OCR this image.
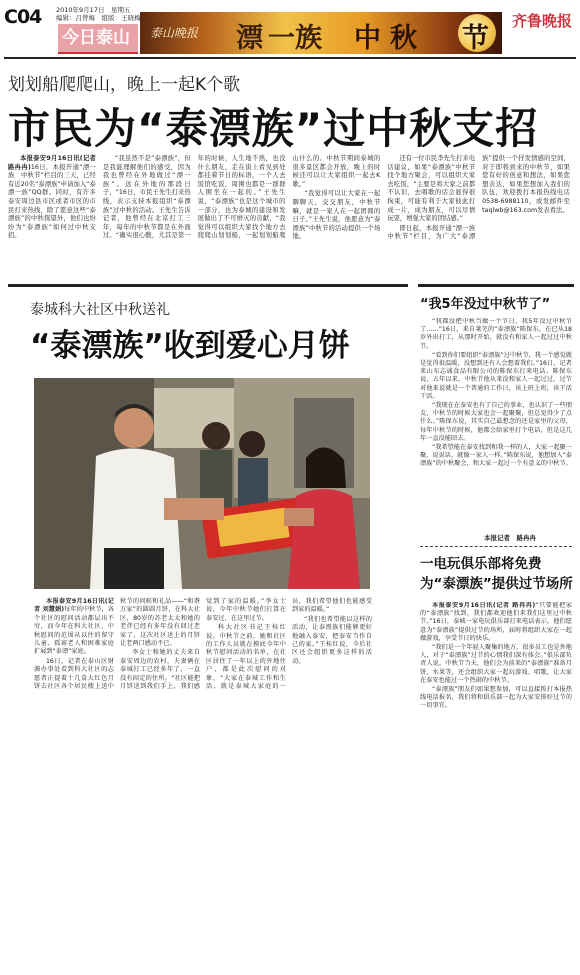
C04 2010年9月17日　星期五
编辑：吕曾梅　组版：王晓梅
今日泰山	泰山晚报 漂 一族 中 秋 节
齐鲁晚报
划划船爬爬山，晚上一起K个歌
市民为“泰漂族”过中秋支招

本报泰安9月16日讯(记者 路冉冉)16日，本报开通“漂一族　中秋节”栏目的三天，已经有近20名“泰漂族”申请加入“泰漂一族”QQ群。同时，有许多泰安周边县市区或者市区的市民打来热线，除了愿意这些“泰漂族”的中秋探望外，他们也纷纷为“泰漂族”如何过中秋支招。

“我虽然不是“泰漂族”，但是我能理解他们的感受，因为我也曾经在外地做过“漂一族”。远在外地的那段日子，“16日，市民王先生打来热线，表示支持本报组织“泰漂族”过中秋的活动。王先生告诉记者，他曾经在北京打工三年，每年的中秋节都是在外面过。“确实很心酸，尤其是第一年的时候，人生地不熟，也没什么朋友，走在街上看见到处都挂着节日的标语，一个人去饭馆吃饭，周围也都是一群群人围坐在一起的。”王先生说，“泰漂族”也是这个城市的一部分，也为泰城的建设和发展做出了不可磨灭的贡献，“我觉得可以组织大家找个地方去爬爬山划划船，一起划划船爬山什么的。中秋节期间泰城的很多景区都会开放，晚上的时候还可以让大家组织一起去K歌。”

“我觉得可以让大家在一起聊聊天，交交朋友，中秋节嘛，就是一家人在一起团圆的日子。”王先生说，他愿意为“泰漂族”中秋节的活动提供一个场地。

还有一位市民李先生打来电话建议，如果“泰漂族”中秋节找个地方聚会，可以组织大家去吃饭，“主要是将大家之前都不认识，去唱歌的话会显得很拘束，可能有利于大家彼此打成一片，成为朋友，可以尽情玩耍，增强大家的团结感。”

即日起，本报开通“漂一族　中秋节”栏目，为广大“泰漂族”提供一个抒发情感的空间，对于即将到来的中秋节，如果您有好的创意和想法，如果您想表达，如果您想加入我们的队伍，欢迎拨打本报热线电话0538-6988110，或发邮件至taqlwb@163.com发表看法。

泰城科大社区中秋送礼
“泰漂族”收到爱心月饼

本报泰安9月16日讯(记者 刘慧娟)每年的中秋节，各个社区的慰问活动都层出不穷，而今年在科大社区，中秋慰问的范围从以往的留守儿童、孤寡老人和困难家庭扩展到“泰漂”家庭。

16日，记者在泰山区财源办事处看到科大社区的志愿者正提着十几盒大红色月饼去社区各个居民楼上送中秋节的问候和礼品——“和谐万家”的圆圆月饼，在科大社区，80岁的苏老太太和她的老伴已经有多年没有回过老家了，这次社区送上的月饼让老两口感动不已。

李女士和她的丈夫来自泰安周边的农村，夫妻俩在泰城打工已经多年了，一直没有固定的住所。“社区能把月饼送到我们手上，我们感觉到了家的温暖。”李女士说，今年中秋节她们打算在泰安过，在这里过节。

科大社区书记王桂红说，中秋节之前，她和社区的工作人员就在摸底今年中秋节慰问活动的名单，在社区居住了一年以上的外地住户，都是此次慰问的对象，“大家在泰城工作和生活，就是泰城大家庭的一员，我们希望他们也能感受到家的温暖。”

“我们也希望能以这样的活动，让泰漂族们能够更好地融入泰安，把泰安当作自己的家。”王桂红说，今后社区还会组织更多这样的活动。

“我5年没过中秋节了”

“我都没把中秋当做一个节日，我5年没过中秋节了……”16日，来自莱芜的“泰漂族”陈保东，在已从18岁外出打工，从那时开始，就没有和家人一起过过中秋节。

“看到你们要组织“泰漂族”过中秋节，我一个感觉就是觉得很温暖，没想到还有人会想着我们。”16日，记者来山东志诚食品有限公司的陈保东打来电话。陈保东说，五年以来，中秋节他从来没和家人一起过过，过节对他来说就是一个普通的工作日，该上班上班，该干活干活。

“我现在在泰安也有了自己的事业，也认识了一些朋友，中秋节的时候大家也会一起聚聚，但总觉得少了点什么。”陈保东说，其实自己最想念的还是家里的父母，每年中秋节的时候，他都会给家里打个电话，但是这几年一直没能回去。

“我希望能在泰安找到和我一样的人，大家一起聚一聚，说说话，就像一家人一样。”陈保东说，他想加入“泰漂族”的中秋聚会，和大家一起过一个有意义的中秋节。

本报记者　路冉冉
一电玩俱乐部将免费
为“泰漂族”提供过节场所

本报泰安9月16日讯(记者 路冉冉)“只要能把家的“泰漂族”找到，我们都欢迎他们来我们这里过中秋节。”16日，泰城一家电玩俱乐部打来电话表示，他们愿意为“泰漂族”提供过节的场所，届时将组织大家在一起做游戏，享受节日的快乐。

“我们是一个年轻人聚集的地方，很多员工也是外地人，对于“泰漂族”过节的心情我们深有体会。”俱乐部负责人说，中秋节当天，他们会为前来的“泰漂族”准备月饼、水果等，还会组织大家一起玩游戏、唱歌，让大家在泰安也能过一个热闹的中秋节。

“泰漂族”朋友们如果想参加，可以直接拨打本报热线电话报名，我们将和俱乐部一起为大家安排好过节的一切事宜。
